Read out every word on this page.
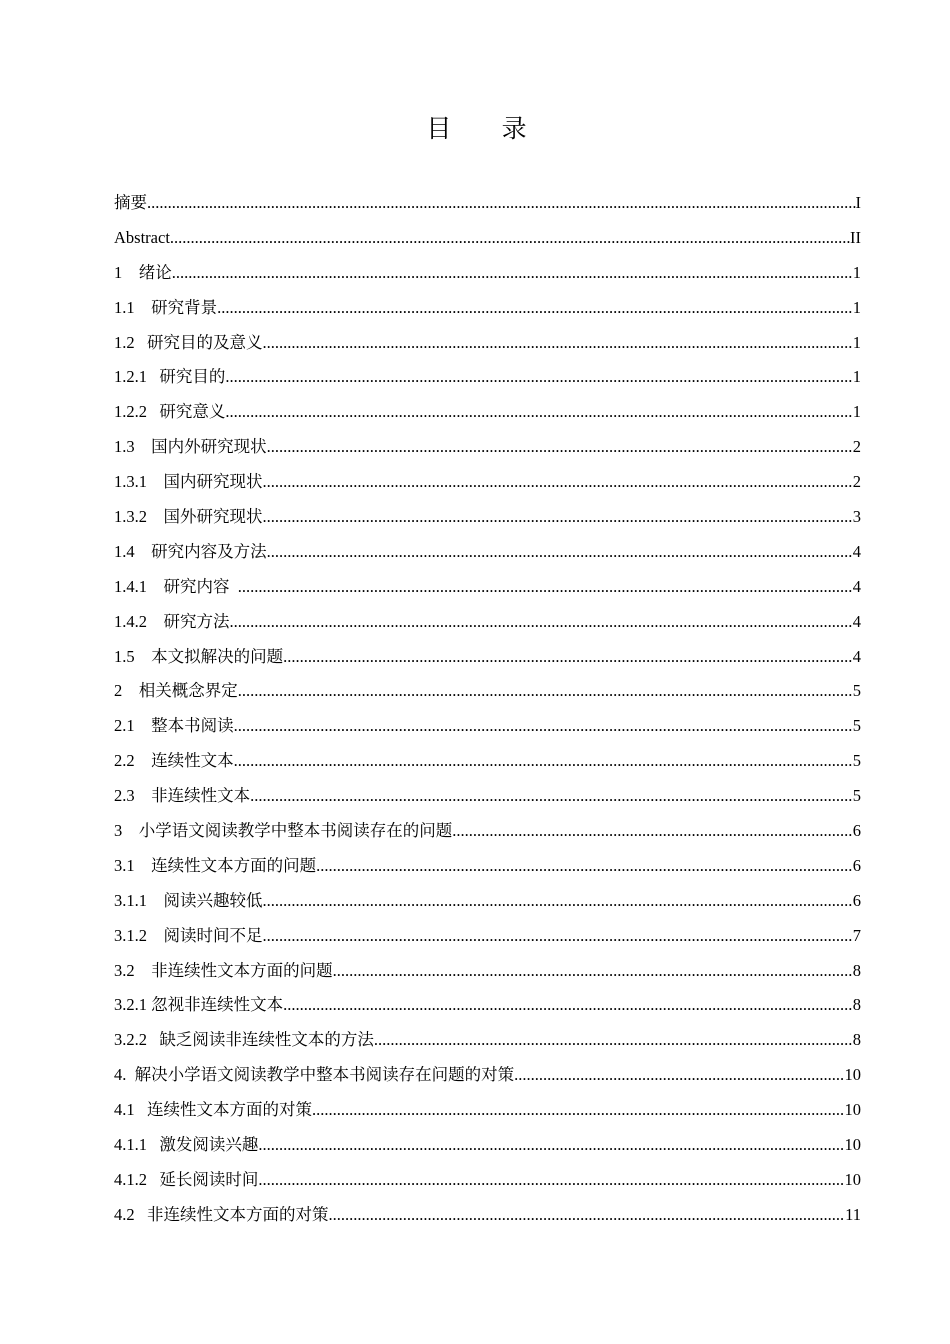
目 录
摘要 .....	I
Abstract .....	II
1 绪论 .....	1
1.1 研究背景 .....	1
1.2 研究目的及意义 .....	1
1.2.1 研究目的 .....	1
1.2.2 研究意义 .....	1
1.3 国内外研究现状 .....	2
1.3.1 国内研究现状 .....	2
1.3.2 国外研究现状 .....	3
1.4 研究内容及方法 .....	4
1.4.1 研究内容 .....	4
1.4.2 研究方法 .....	4
1.5 本文拟解决的问题 .....	4
2 相关概念界定 .....	5
2.1 整本书阅读 .....	5
2.2 连续性文本 .....	5
2.3 非连续性文本 .....	5
3 小学语文阅读教学中整本书阅读存在的问题 .....	6
3.1 连续性文本方面的问题 .....	6
3.1.1 阅读兴趣较低 .....	6
3.1.2 阅读时间不足 .....	7
3.2 非连续性文本方面的问题 .....	8
3.2.1 忽视非连续性文本 .....	8
3.2.2 缺乏阅读非连续性文本的方法 .....	8
4. 解决小学语文阅读教学中整本书阅读存在问题的对策 .....	10
4.1 连续性文本方面的对策 .....	10
4.1.1 激发阅读兴趣 .....	10
4.1.2 延长阅读时间 .....	10
4.2 非连续性文本方面的对策 .....	11
